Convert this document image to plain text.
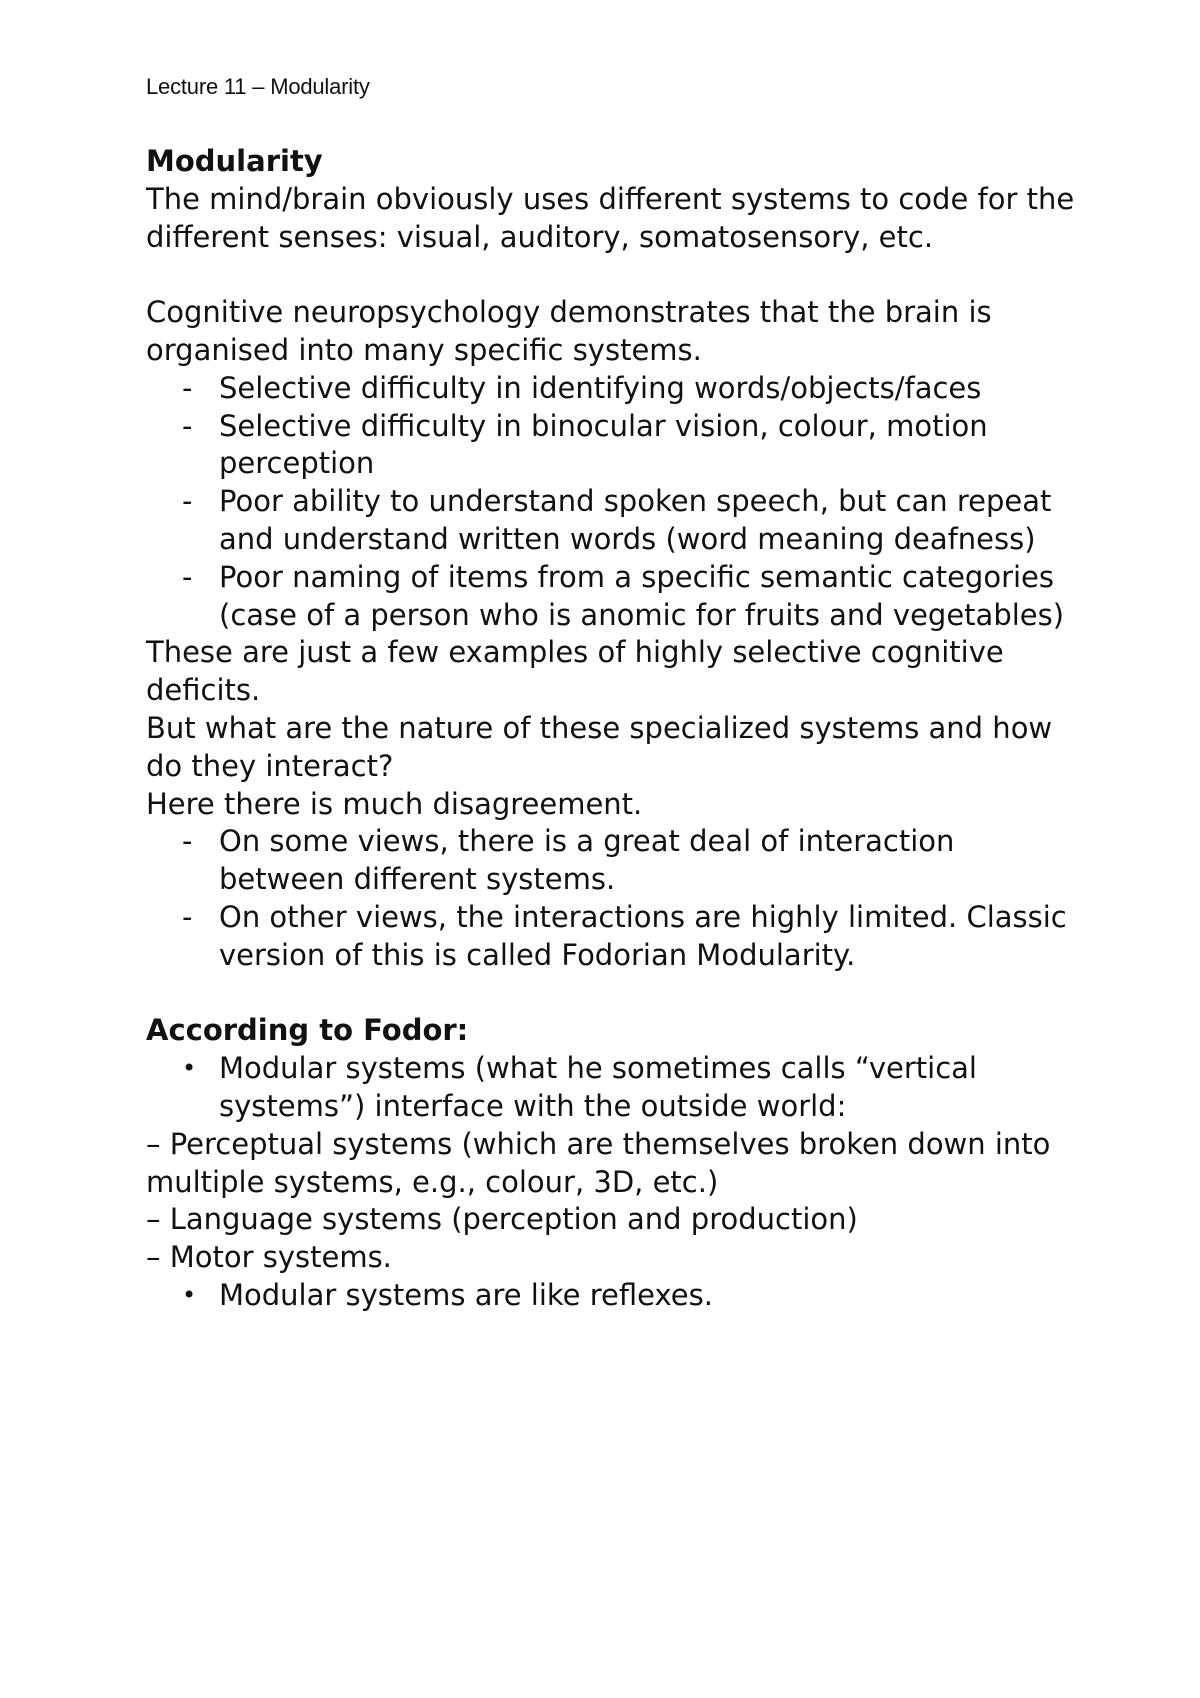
Lecture 11 – Modularity
Modularity

The mind/brain obviously uses different systems to code for the different senses: visual, auditory, somatosensory, etc.

Cognitive neuropsychology demonstrates that the brain is organised into many specific systems.

- Selective difficulty in identifying words/objects/faces
- Selective difficulty in binocular vision, colour, motion perception
- Poor ability to understand spoken speech, but can repeat and understand written words (word meaning deafness)
- Poor naming of items from a specific semantic categories (case of a person who is anomic for fruits and vegetables)

These are just a few examples of highly selective cognitive deficits.

But what are the nature of these specialized systems and how do they interact?

Here there is much disagreement.

- On some views, there is a great deal of interaction between different systems.
- On other views, the interactions are highly limited. Classic version of this is called Fodorian Modularity.
According to Fodor:
• Modular systems (what he sometimes calls “vertical systems”) interface with the outside world:

– Perceptual systems (which are themselves broken down into multiple systems, e.g., colour, 3D, etc.)

– Language systems (perception and production)

– Motor systems.

• Modular systems are like reflexes.
